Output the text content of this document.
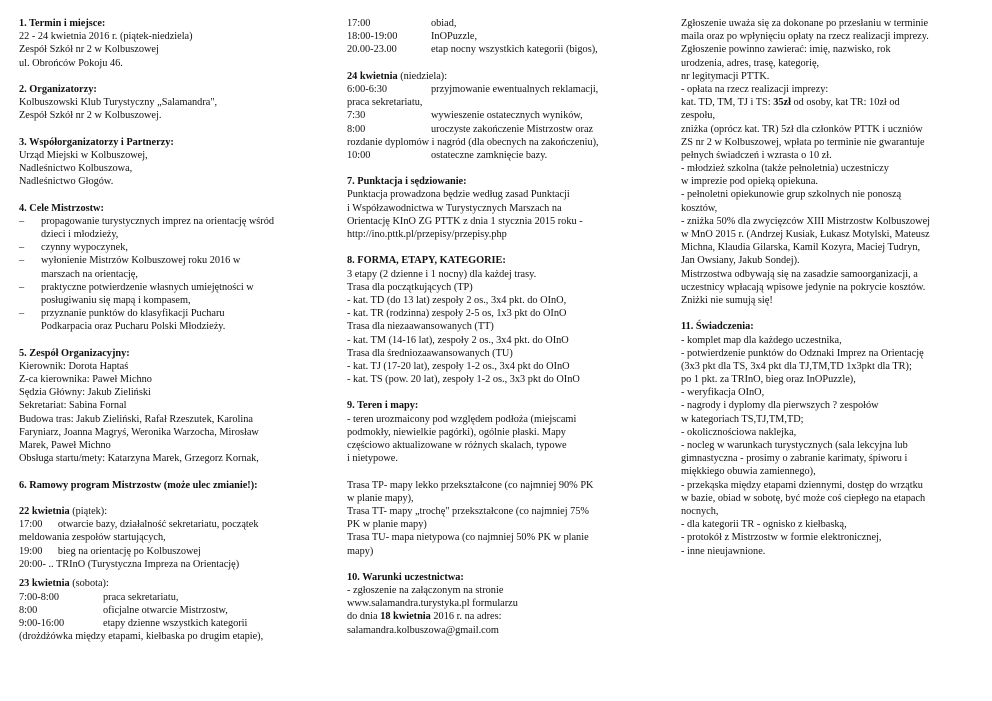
1. Termin i miejsce:
22 - 24 kwietnia 2016 r. (piątek-niedziela)
Zespół Szkół nr 2 w Kolbuszowej
ul. Obrońców Pokoju 46.
2. Organizatorzy:
Kolbuszowski Klub Turystyczny „Salamandra",
Zespół Szkół nr 2 w Kolbuszowej.
3. Współorganizatorzy i Partnerzy:
Urząd Miejski w Kolbuszowej,
Nadleśnictwo Kolbuszowa,
Nadleśnictwo Głogów.
4. Cele Mistrzostw:
– propagowanie turystycznych imprez na orientację wśród
dzieci i młodzieży,
– czynny wypoczynek,
– wyłonienie Mistrzów Kolbuszowej roku 2016 w
marszach na orientację,
– praktyczne potwierdzenie własnych umiejętności w
posługiwaniu się mapą i kompasem,
– przyznanie punktów do klasyfikacji Pucharu
Podkarpacia oraz Pucharu Polski Młodzieży.
5. Zespół Organizacyjny:
Kierownik: Dorota Haptaś
Z-ca kierownika: Paweł Michno
Sędzia Główny: Jakub Zieliński
Sekretariat: Sabina Fornal
Budowa tras: Jakub Zieliński, Rafał Rzeszutek, Karolina
Faryniarz, Joanna Magryś, Weronika Warzocha, Mirosław
Marek, Paweł Michno
Obsługa startu/mety: Katarzyna Marek, Grzegorz Kornak,
6. Ramowy program Mistrzostw (może ulec zmianie!):
22 kwietnia (piątek):
17:00      otwarcie bazy, działalność sekretariatu, początek
meldowania zespołów startujących,
19:00      bieg na orientację po Kolbuszowej
20:00- .. TRInO (Turystyczna Impreza na Orientację)
23 kwietnia (sobota):
7:00-8:00	praca sekretariatu,
8:00	oficjalne otwarcie Mistrzostw,
9:00-16:00	etapy dzienne wszystkich kategorii
(drożdżówka między etapami, kiełbaska po drugim etapie),
17:00	obiad,
18:00-19:00	InOPuzzle,
20.00-23.00	etap nocny wszystkich kategorii (bigos),
24 kwietnia (niedziela):
6:00-6:30	przyjmowanie ewentualnych reklamacji,
praca sekretariatu,
7:30	wywieszenie ostatecznych wyników,
8:00	uroczyste zakończenie Mistrzostw oraz
rozdanie dyplomów i nagród (dla obecnych na zakończeniu),
10:00	ostateczne zamknięcie bazy.
7. Punktacja i sędziowanie:
Punktacja prowadzona będzie według zasad Punktacji
i Współzawodnictwa w Turystycznych Marszach na
Orientację KInO ZG PTTK z dnia 1 stycznia 2015 roku -
http://ino.pttk.pl/przepisy/przepisy.php
8. FORMA, ETAPY, KATEGORIE:
3 etapy (2 dzienne i 1 nocny) dla każdej trasy.
Trasa dla początkujących (TP)
- kat. TD (do 13 lat) zespoły 2 os., 3x4 pkt. do OInO,
- kat. TR (rodzinna) zespoły 2-5 os, 1x3 pkt do OInO
Trasa dla niezaawansowanych (TT)
- kat. TM (14-16 lat), zespoły 2 os., 3x4 pkt. do OInO
Trasa dla średniozaawansowanych (TU)
- kat. TJ (17-20 lat), zespoły 1-2 os., 3x4 pkt do OInO
- kat. TS (pow. 20 lat), zespoły 1-2 os., 3x3 pkt do OInO
9. Teren i mapy:
- teren urozmaicony pod względem podłoża (miejscami
podmokły, niewielkie pagórki), ogólnie płaski. Mapy
częściowo aktualizowane w różnych skalach, typowe
i nietypowe.
Trasa TP- mapy lekko przekształcone (co najmniej 90% PK
w planie mapy),
Trasa TT- mapy „trochę" przekształcone (co najmniej 75%
PK w planie mapy)
Trasa TU- mapa nietypowa (co najmniej 50% PK w planie
mapy)
10. Warunki uczestnictwa:
- zgłoszenie na załączonym na stronie
www.salamandra.turystyka.pl formularzu
do dnia 18 kwietnia 2016 r. na adres:
salamandra.kolbuszowa@gmail.com
Zgłoszenie uważa się za dokonane po przesłaniu w terminie
maila oraz po wpłynięciu opłaty na rzecz realizacji imprezy.
Zgłoszenie powinno zawierać: imię, nazwisko, rok
urodzenia, adres, trasę, kategorię,
nr legitymacji PTTK.
- opłata na rzecz realizacji imprezy:
kat. TD, TM, TJ i TS: 35zł od osoby, kat TR: 10zł od
zespołu,
zniżka (oprócz kat. TR) 5zł dla członków PTTK i uczniów
ZS nr 2 w Kolbuszowej, wpłata po terminie nie gwarantuje
pełnych świadczeń i wzrasta o 10 zł.
- młodzież szkolna (także pełnoletnia) uczestniczy
w imprezie pod opieką opiekuna.
- pełnoletni opiekunowie grup szkolnych nie ponoszą
kosztów,
- zniżka 50% dla zwycięzców XIII Mistrzostw Kolbuszowej
w MnO 2015 r. (Andrzej Kusiak, Łukasz Motylski, Mateusz
Michna, Klaudia Gilarska, Kamil Kozyra, Maciej Tudryn,
Jan Owsiany, Jakub Sondej).
Mistrzostwa odbywają się na zasadzie samoorganizacji, a
uczestnicy wpłacają wpisowe jedynie na pokrycie kosztów.
Zniżki nie sumują się!
11. Świadczenia:
- komplet map dla każdego uczestnika,
- potwierdzenie punktów do Odznaki Imprez na Orientację
(3x3 pkt dla TS, 3x4 pkt dla TJ,TM,TD 1x3pkt dla TR);
po 1 pkt. za TRInO, bieg oraz InOPuzzle),
- weryfikacja OInO,
- nagrody i dyplomy dla pierwszych ? zespołów
w kategoriach TS,TJ,TM,TD;
- okolicznościowa naklejka,
- nocleg w warunkach turystycznych (sala lekcyjna lub
gimnastyczna - prosimy o zabranie karimaty, śpiworu i
miękkiego obuwia zamiennego),
- przekąska między etapami dziennymi, dostęp do wrzątku
w bazie, obiad w sobotę, być może coś ciepłego na etapach
nocnych,
- dla kategorii TR - ognisko z kiełbaską,
- protokół z Mistrzostw w formie elektronicznej,
- inne nieujawnione.
